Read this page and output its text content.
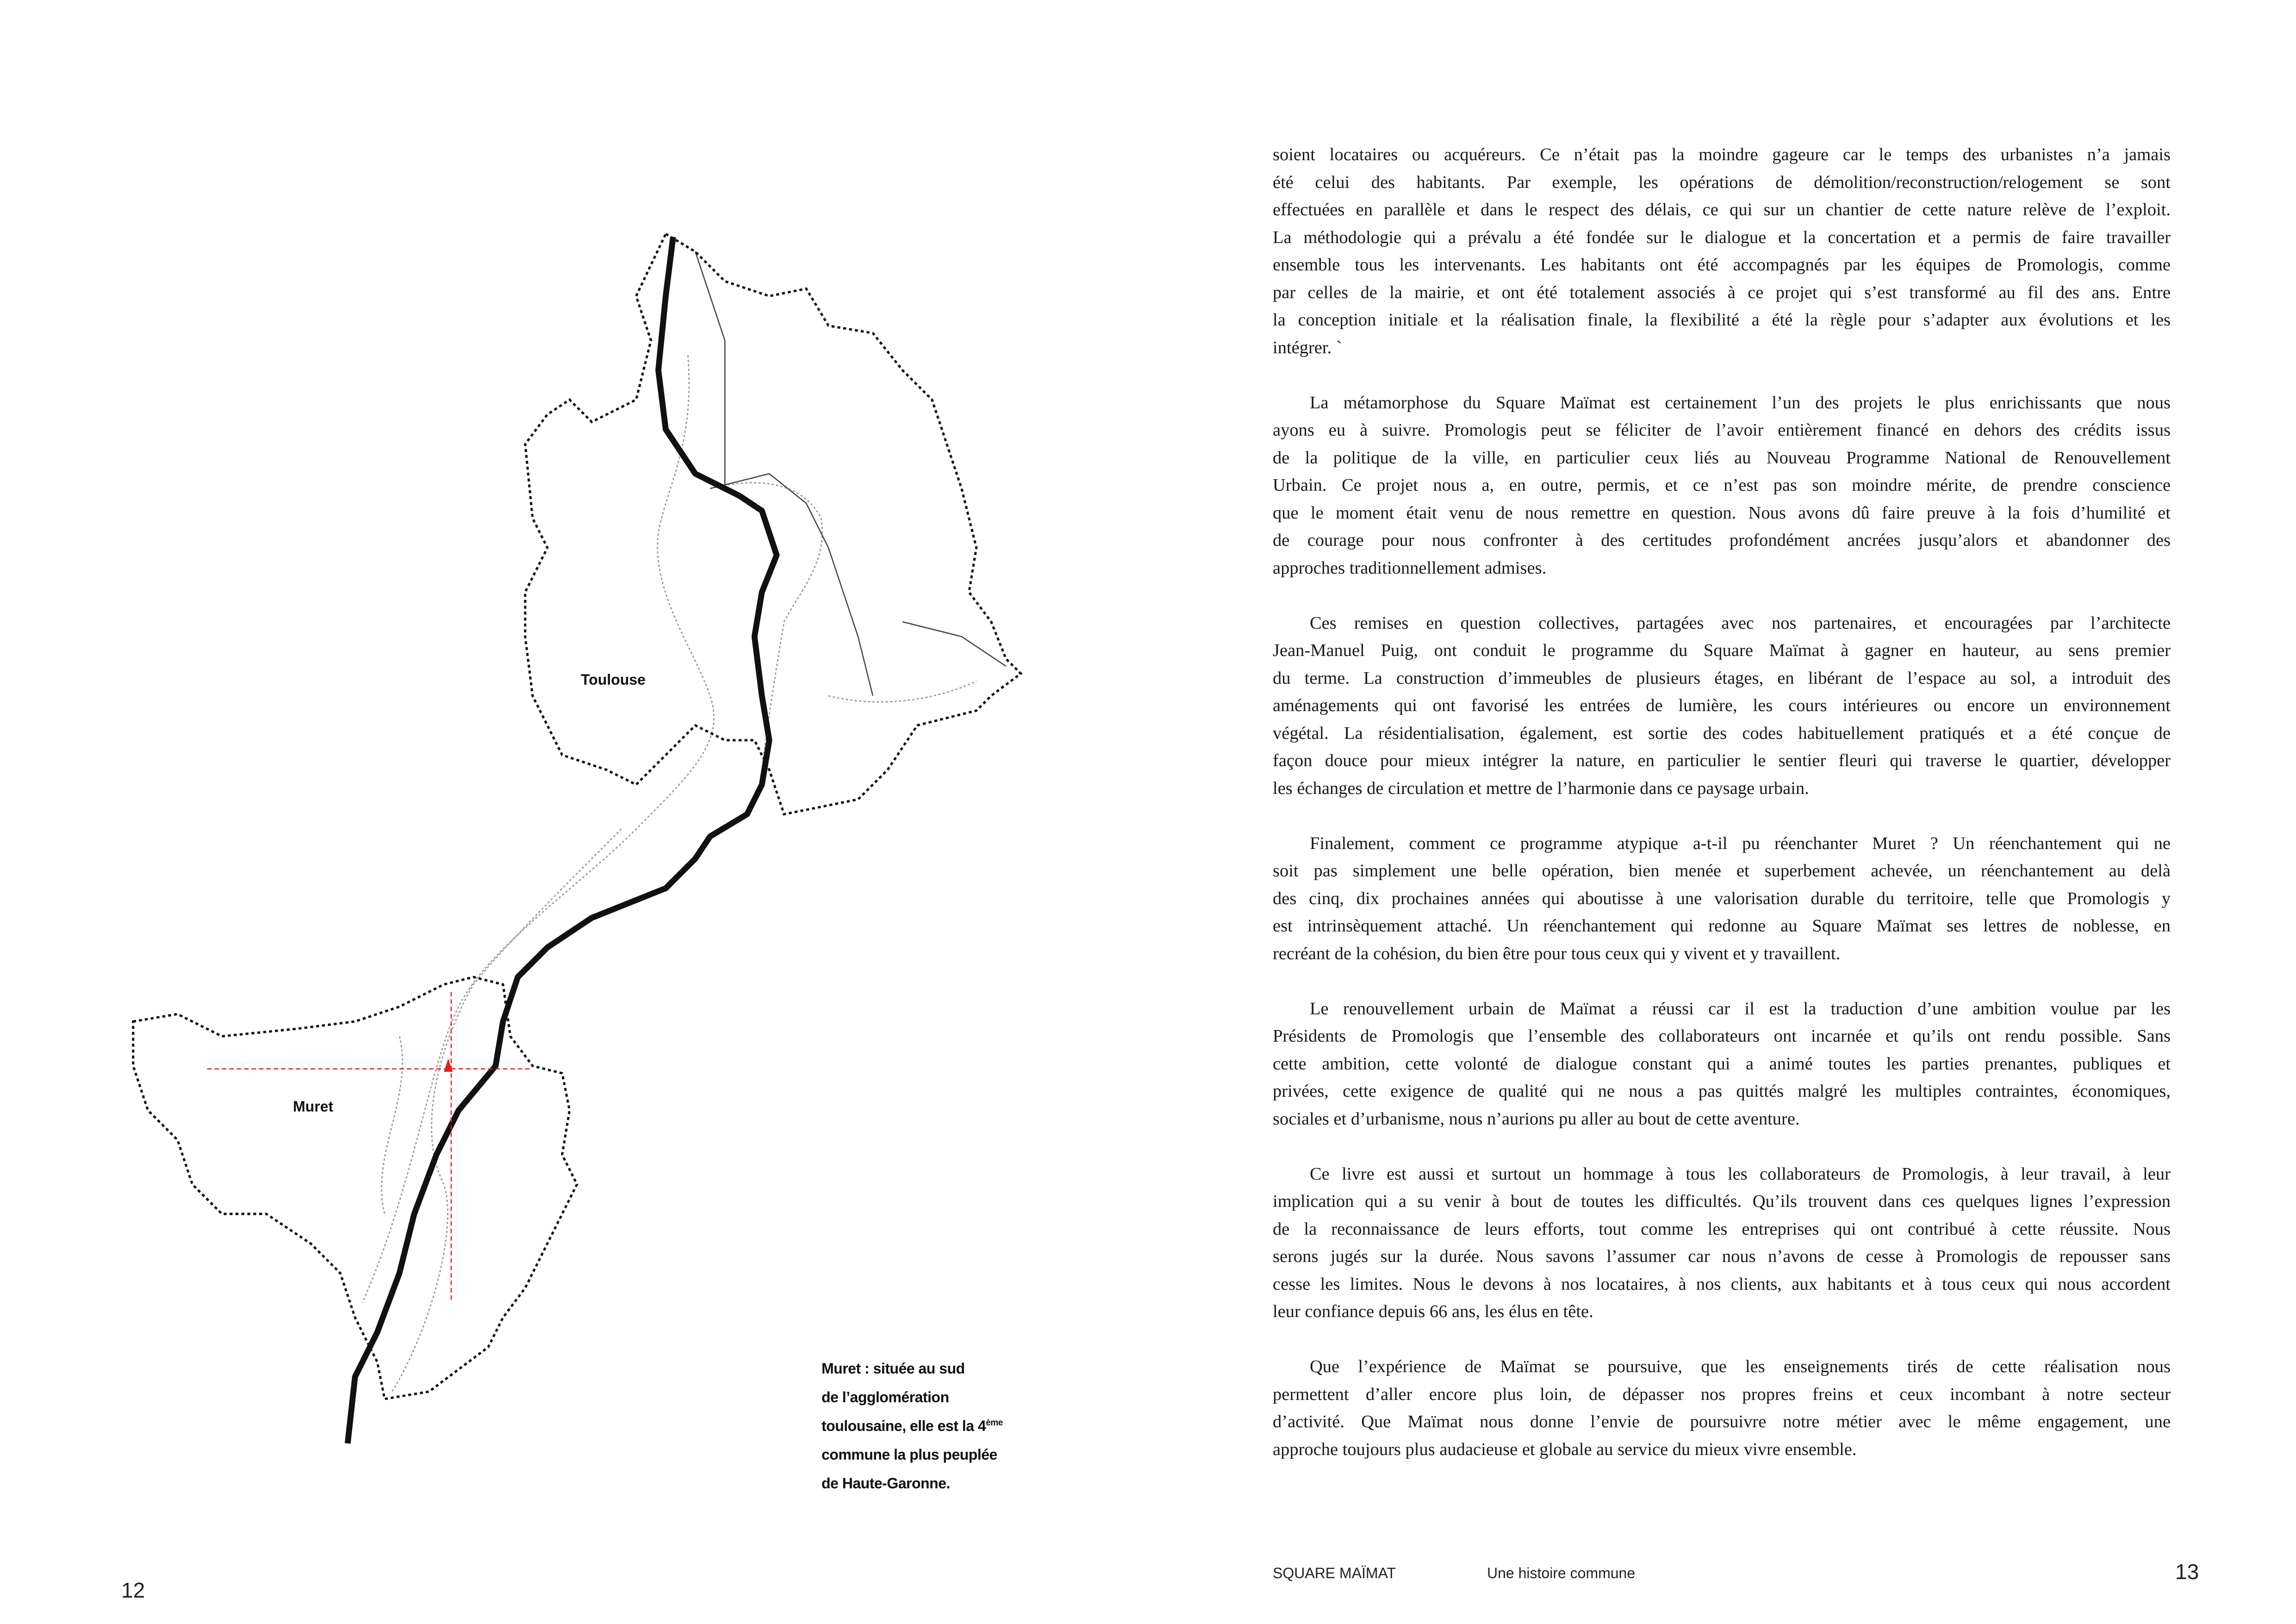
Toulouse
Muret
Muret : située au sud
de l’agglomération
toulousaine, elle est la 4ème
commune la plus peuplée
de Haute-Garonne.
12
soient locataires ou acquéreurs. Ce n’était pas la moindre gageure car le temps des urbanistes n’a jamais
été celui des habitants. Par exemple, les opérations de démolition/reconstruction/relogement se sont
effectuées en parallèle et dans le respect des délais, ce qui sur un chantier de cette nature relève de l’exploit.
La méthodologie qui a prévalu a été fondée sur le dialogue et la concertation et a permis de faire travailler
ensemble tous les intervenants. Les habitants ont été accompagnés par les équipes de Promologis, comme
par celles de la mairie, et ont été totalement associés à ce projet qui s’est transformé au fil des ans. Entre
la conception initiale et la réalisation finale, la flexibilité a été la règle pour s’adapter aux évolutions et les
intégrer. `
La métamorphose du Square Maïmat est certainement l’un des projets le plus enrichissants que nous
ayons eu à suivre. Promologis peut se féliciter de l’avoir entièrement financé en dehors des crédits issus
de la politique de la ville, en particulier ceux liés au Nouveau Programme National de Renouvellement
Urbain. Ce projet nous a, en outre, permis, et ce n’est pas son moindre mérite, de prendre conscience
que le moment était venu de nous remettre en question. Nous avons dû faire preuve à la fois d’humilité et
de courage pour nous confronter à des certitudes profondément ancrées jusqu’alors et abandonner des
approches traditionnellement admises.
Ces remises en question collectives, partagées avec nos partenaires, et encouragées par l’architecte
Jean-Manuel Puig, ont conduit le programme du Square Maïmat à gagner en hauteur, au sens premier
du terme. La construction d’immeubles de plusieurs étages, en libérant de l’espace au sol, a introduit des
aménagements qui ont favorisé les entrées de lumière, les cours intérieures ou encore un environnement
végétal. La résidentialisation, également, est sortie des codes habituellement pratiqués et a été conçue de
façon douce pour mieux intégrer la nature, en particulier le sentier fleuri qui traverse le quartier, développer
les échanges de circulation et mettre de l’harmonie dans ce paysage urbain.
Finalement, comment ce programme atypique a-t-il pu réenchanter Muret ? Un réenchantement qui ne
soit pas simplement une belle opération, bien menée et superbement achevée, un réenchantement au delà
des cinq, dix prochaines années qui aboutisse à une valorisation durable du territoire, telle que Promologis y
est intrinsèquement attaché. Un réenchantement qui redonne au Square Maïmat ses lettres de noblesse, en
recréant de la cohésion, du bien être pour tous ceux qui y vivent et y travaillent.
Le renouvellement urbain de Maïmat a réussi car il est la traduction d’une ambition voulue par les
Présidents de Promologis que l’ensemble des collaborateurs ont incarnée et qu’ils ont rendu possible. Sans
cette ambition, cette volonté de dialogue constant qui a animé toutes les parties prenantes, publiques et
privées, cette exigence de qualité qui ne nous a pas quittés malgré les multiples contraintes, économiques,
sociales et d’urbanisme, nous n’aurions pu aller au bout de cette aventure.
Ce livre est aussi et surtout un hommage à tous les collaborateurs de Promologis, à leur travail, à leur
implication qui a su venir à bout de toutes les difficultés. Qu’ils trouvent dans ces quelques lignes l’expression
de la reconnaissance de leurs efforts, tout comme les entreprises qui ont contribué à cette réussite. Nous
serons jugés sur la durée. Nous savons l’assumer car nous n’avons de cesse à Promologis de repousser sans
cesse les limites. Nous le devons à nos locataires, à nos clients, aux habitants et à tous ceux qui nous accordent
leur confiance depuis 66 ans, les élus en tête.
Que l’expérience de Maïmat se poursuive, que les enseignements tirés de cette réalisation nous
permettent d’aller encore plus loin, de dépasser nos propres freins et ceux incombant à notre secteur
d’activité. Que Maïmat nous donne l’envie de poursuivre notre métier avec le même engagement, une
approche toujours plus audacieuse et globale au service du mieux vivre ensemble.
SQUARE MAÏMAT	Une histoire commune	13
